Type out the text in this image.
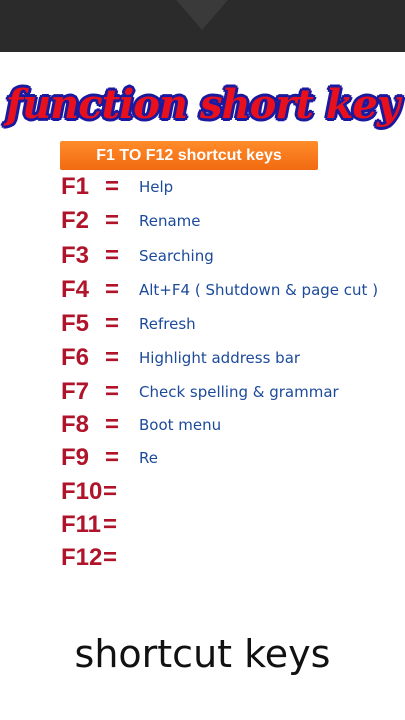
function short key
F1 TO F12 shortcut keys
F1 = Help
F2 = Rename
F3 = Searching
F4 = Alt+F4 ( Shutdown & page cut )
F5 = Refresh
F6 = Highlight address bar
F7 = Check spelling & grammar
F8 = Boot menu
F9 = Re
F10 =
F11 =
F12 =
shortcut keys
